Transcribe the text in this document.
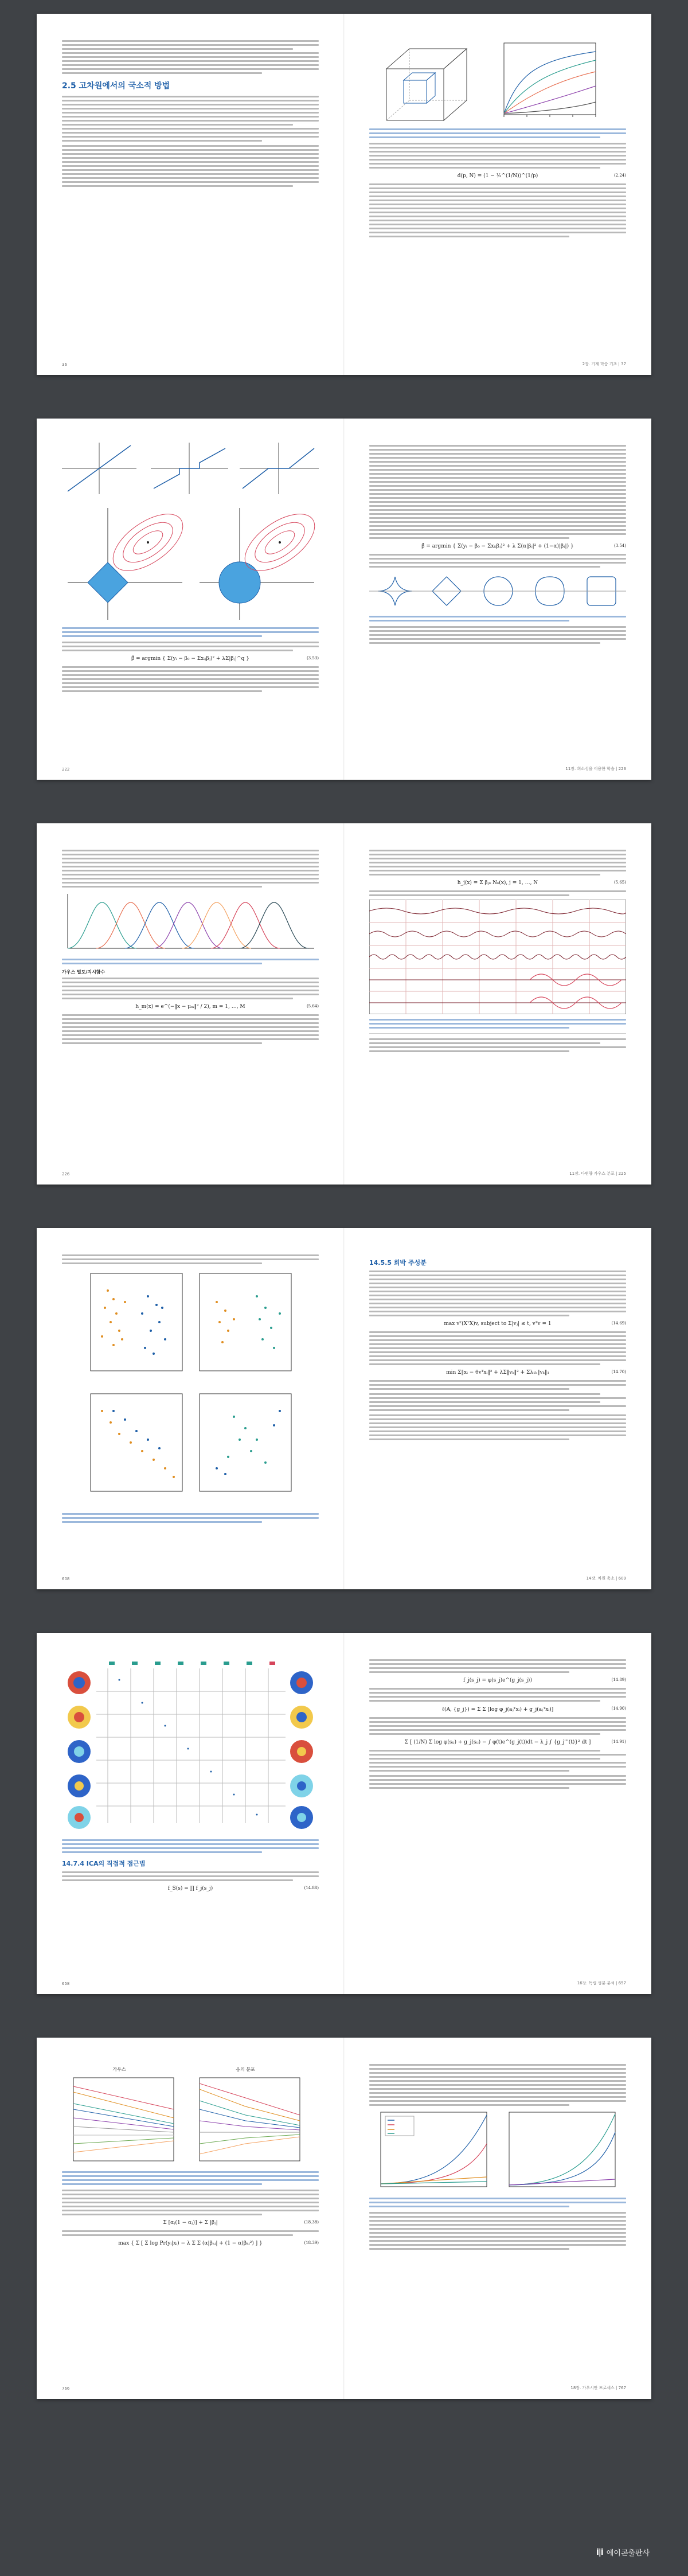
2.5 고차원에서의 국소적 방법
36
d(p, N) = (1 − ½^(1/N))^(1/p)	(2.24)
2장. 기계 학습 기초 | 37

β̂ = argmin { Σ(yᵢ − β₀ − Σxᵢⱼβⱼ)² + λΣ|βⱼ|^q }	(3.53)
222
β̂ = argmin { Σ(yᵢ − β₀ − Σxᵢⱼβⱼ)² + λ Σ(α|βⱼ|² + (1−α)|βⱼ|) }	(3.54)
11장. 희소성을 이용한 학습 | 223
가우스 밀도/지시함수
h_m(x) = e^(−‖x − μₘ‖² / 2), m = 1, …, M	(5.64)
226
h_j(x) = Σ βⱼₖ Nₖ(x), j = 1, …, N	(5.65)
11장. 다변량 가우스 분포 | 225
608
14.5.5 희박 주성분
max vᵀ(XᵀX)v, subject to Σ|vⱼ| ≤ t, vᵀv = 1	(14.69)
min Σ‖xᵢ − θvᵀxᵢ‖² + λΣ‖vₖ‖² + Σλ₁ₖ‖vₖ‖₁	(14.70)
14장. 차원 축소 | 609
14.7.4 ICA의 직접적 접근법
f_S(s) = ∏ f_j(s_j)	(14.88)
658
f_j(s_j) = φ(s_j)e^(g_j(s_j))	(14.89)
ℓ(A, {g_j}) = Σ Σ [log φ_j(aⱼᵀxᵢ) + g_j(aⱼᵀxᵢ)]	(14.90)
Σ [ (1/N) Σ log φ(sᵢⱼ) + g_j(sᵢⱼ) − ∫ φ(t)e^(g_j(t))dt − λ_j ∫ {g_j'''(t)}² dt ]	(14.91)
16장. 독립 성분 분석 | 657
가우스	음의 분포
Σ [αⱼ(1 − αⱼ)] + Σ |βⱼ|	(18.38)
max { Σ [ Σ log Pr(yᵢ|xᵢ) − λ Σ Σ (α|βₖⱼ| + (1 − α)βₖⱼ²) ] }	(18.39)
766	18장. 가우시안 프로세스 | 767
i|i 에이콘출판사
